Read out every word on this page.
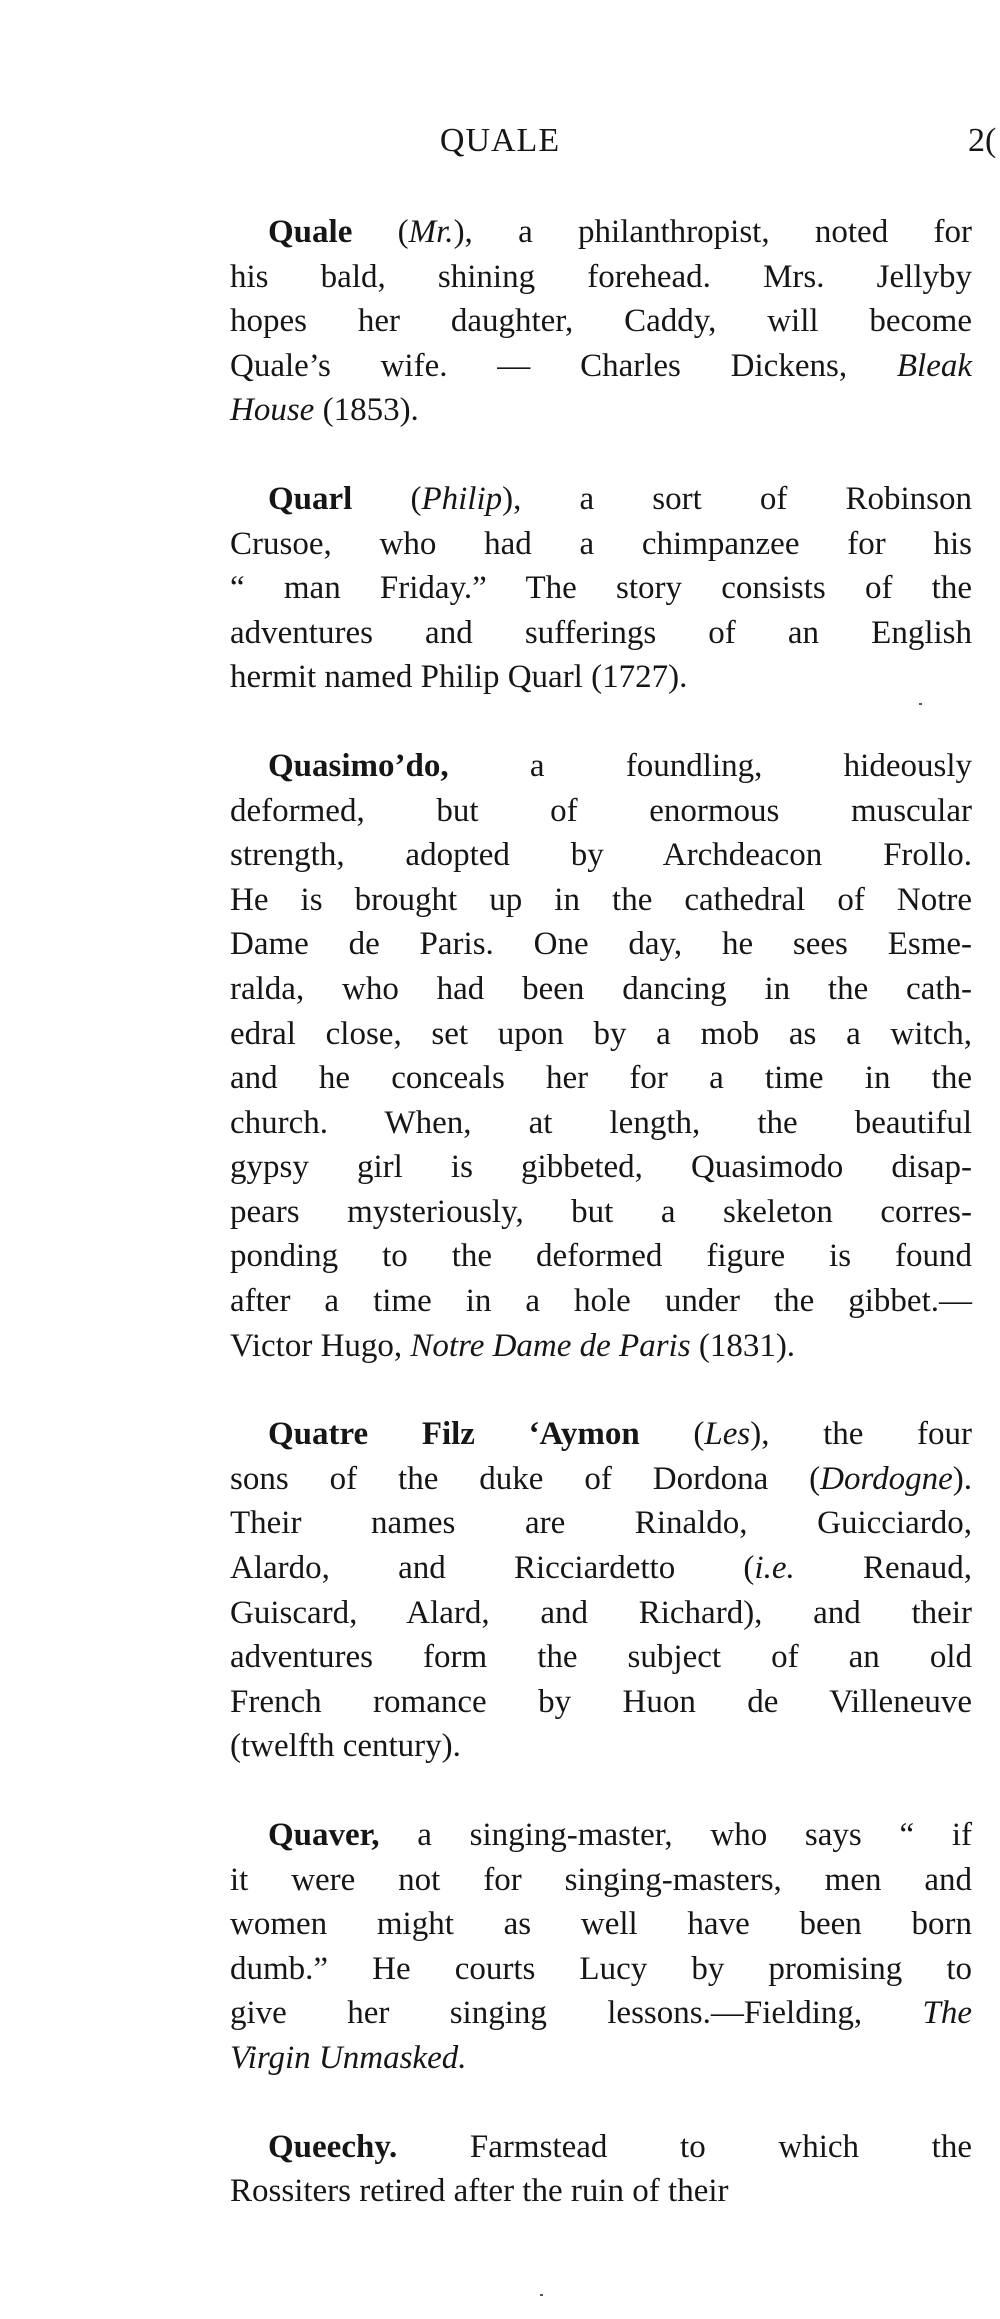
QUALE	2(
Quale (Mr.), a philanthropist, noted for
his bald, shining forehead. Mrs. Jellyby
hopes her daughter, Caddy, will become
Quale’s wife. — Charles Dickens, Bleak
House (1853).
Quarl (Philip), a sort of Robinson
Crusoe, who had a chimpanzee for his
“ man Friday.” The story consists of the
adventures and sufferings of an English
hermit named Philip Quarl (1727).
Quasimo’do, a foundling, hideously
deformed, but of enormous muscular
strength, adopted by Archdeacon Frollo.
He is brought up in the cathedral of Notre
Dame de Paris. One day, he sees Esme-
ralda, who had been dancing in the cath-
edral close, set upon by a mob as a witch,
and he conceals her for a time in the
church. When, at length, the beautiful
gypsy girl is gibbeted, Quasimodo disap-
pears mysteriously, but a skeleton corres-
ponding to the deformed figure is found
after a time in a hole under the gibbet.—
Victor Hugo, Notre Dame de Paris (1831).
Quatre Filz ‘Aymon (Les), the four
sons of the duke of Dordona (Dordogne).
Their names are Rinaldo, Guicciardo,
Alardo, and Ricciardetto (i.e. Renaud,
Guiscard, Alard, and Richard), and their
adventures form the subject of an old
French romance by Huon de Villeneuve
(twelfth century).
Quaver, a singing-master, who says “ if
it were not for singing-masters, men and
women might as well have been born
dumb.” He courts Lucy by promising to
give her singing lessons.—Fielding, The
Virgin Unmasked.
Queechy. Farmstead to which the
Rossiters retired after the ruin of their
